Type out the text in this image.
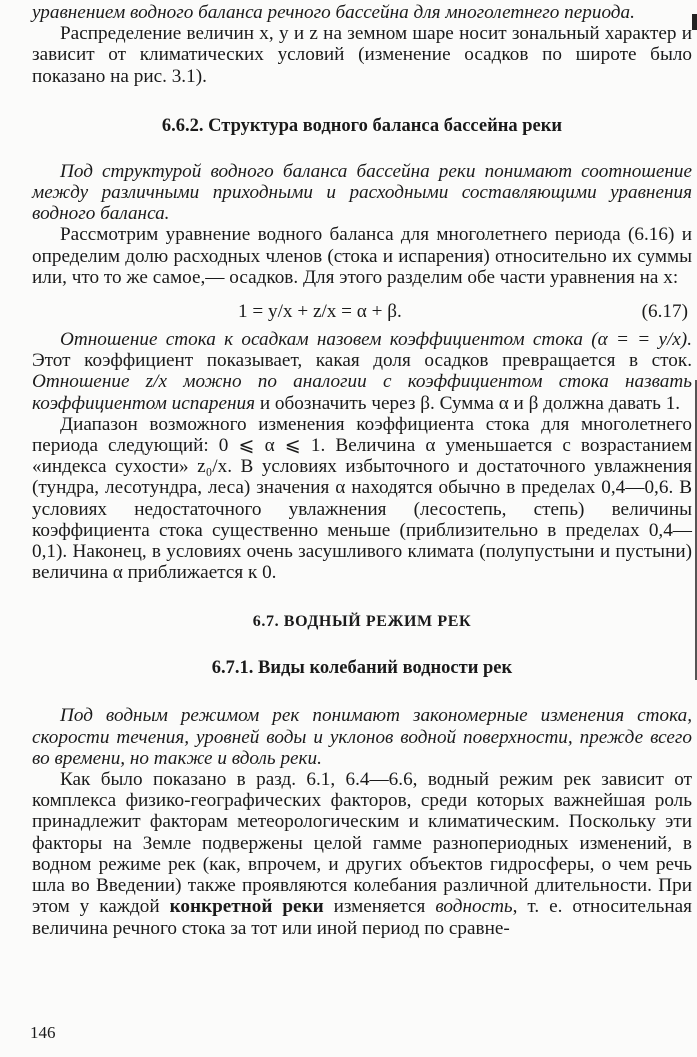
уравнением водного баланса речного бассейна для многолетнего периода.

Распределение величин x, y и z на земном шаре носит зональный характер и зависит от климатических условий (изменение осадков по широте было показано на рис. 3.1).

6.6.2. Структура водного баланса бассейна реки

Под структурой водного баланса бассейна реки понимают соотношение между различными приходными и расходными составляющими уравнения водного баланса.

Рассмотрим уравнение водного баланса для многолетнего периода (6.16) и определим долю расходных членов (стока и испарения) относительно их суммы или, что то же самое,— осадков. Для этого разделим обе части уравнения на x:

1 = y/x + z/x = α + β.	(6.17)

Отношение стока к осадкам назовем коэффициентом стока (α = = y/x). Этот коэффициент показывает, какая доля осадков превращается в сток. Отношение z/x можно по аналогии с коэффициентом стока назвать коэффициентом испарения и обозначить через β. Сумма α и β должна давать 1.

Диапазон возможного изменения коэффициента стока для многолетнего периода следующий: 0 ⩽ α ⩽ 1. Величина α уменьшается с возрастанием «индекса сухости» z₀/x. В условиях избыточного и достаточного увлажнения (тундра, лесотундра, леса) значения α находятся обычно в пределах 0,4—0,6. В условиях недостаточного увлажнения (лесостепь, степь) величины коэффициента стока существенно меньше (приблизительно в пределах 0,4—0,1). Наконец, в условиях очень засушливого климата (полупустыни и пустыни) величина α приближается к 0.

6.7. ВОДНЫЙ РЕЖИМ РЕК
6.7.1. Виды колебаний водности рек

Под водным режимом рек понимают закономерные изменения стока, скорости течения, уровней воды и уклонов водной поверхности, прежде всего во времени, но также и вдоль реки.

Как было показано в разд. 6.1, 6.4—6.6, водный режим рек зависит от комплекса физико-географических факторов, среди которых важнейшая роль принадлежит факторам метеорологическим и климатическим. Поскольку эти факторы на Земле подвержены целой гамме разнопериодных изменений, в водном режиме рек (как, впрочем, и других объектов гидросферы, о чем речь шла во Введении) также проявляются колебания различной длительности. При этом у каждой конкретной реки изменяется водность, т. е. относительная величина речного стока за тот или иной период по сравне-

146
